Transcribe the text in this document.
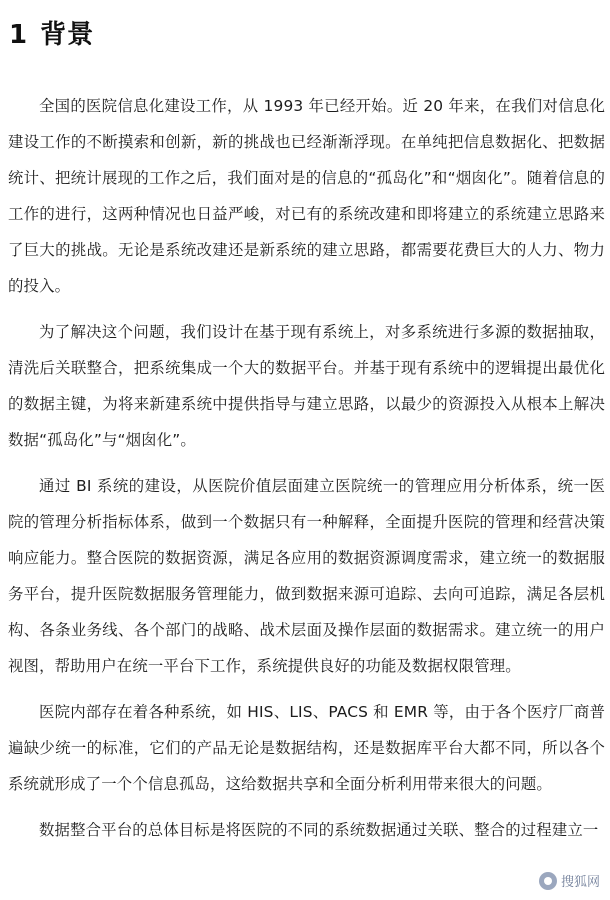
1 背景

全国的医院信息化建设工作，从 1993 年已经开始。近 20 年来，在我们对信息化建设工作的不断摸索和创新，新的挑战也已经渐渐浮现。在单纯把信息数据化、把数据统计、把统计展现的工作之后，我们面对是的信息的“孤岛化”和“烟囱化”。随着信息的工作的进行，这两种情况也日益严峻，对已有的系统改建和即将建立的系统建立思路来了巨大的挑战。无论是系统改建还是新系统的建立思路，都需要花费巨大的人力、物力的投入。

为了解决这个问题，我们设计在基于现有系统上，对多系统进行多源的数据抽取，清洗后关联整合，把系统集成一个大的数据平台。并基于现有系统中的逻辑提出最优化的数据主键，为将来新建系统中提供指导与建立思路，以最少的资源投入从根本上解决数据“孤岛化”与“烟囱化”。

通过 BI 系统的建设，从医院价值层面建立医院统一的管理应用分析体系，统一医院的管理分析指标体系，做到一个数据只有一种解释，全面提升医院的管理和经营决策响应能力。整合医院的数据资源，满足各应用的数据资源调度需求，建立统一的数据服务平台，提升医院数据服务管理能力，做到数据来源可追踪、去向可追踪，满足各层机构、各条业务线、各个部门的战略、战术层面及操作层面的数据需求。建立统一的用户视图，帮助用户在统一平台下工作，系统提供良好的功能及数据权限管理。

医院内部存在着各种系统，如 HIS、LIS、PACS 和 EMR 等，由于各个医疗厂商普遍缺少统一的标准，它们的产品无论是数据结构，还是数据库平台大都不同，所以各个系统就形成了一个个信息孤岛，这给数据共享和全面分析利用带来很大的问题。

数据整合平台的总体目标是将医院的不同的系统数据通过关联、整合的过程建立一

搜狐网
